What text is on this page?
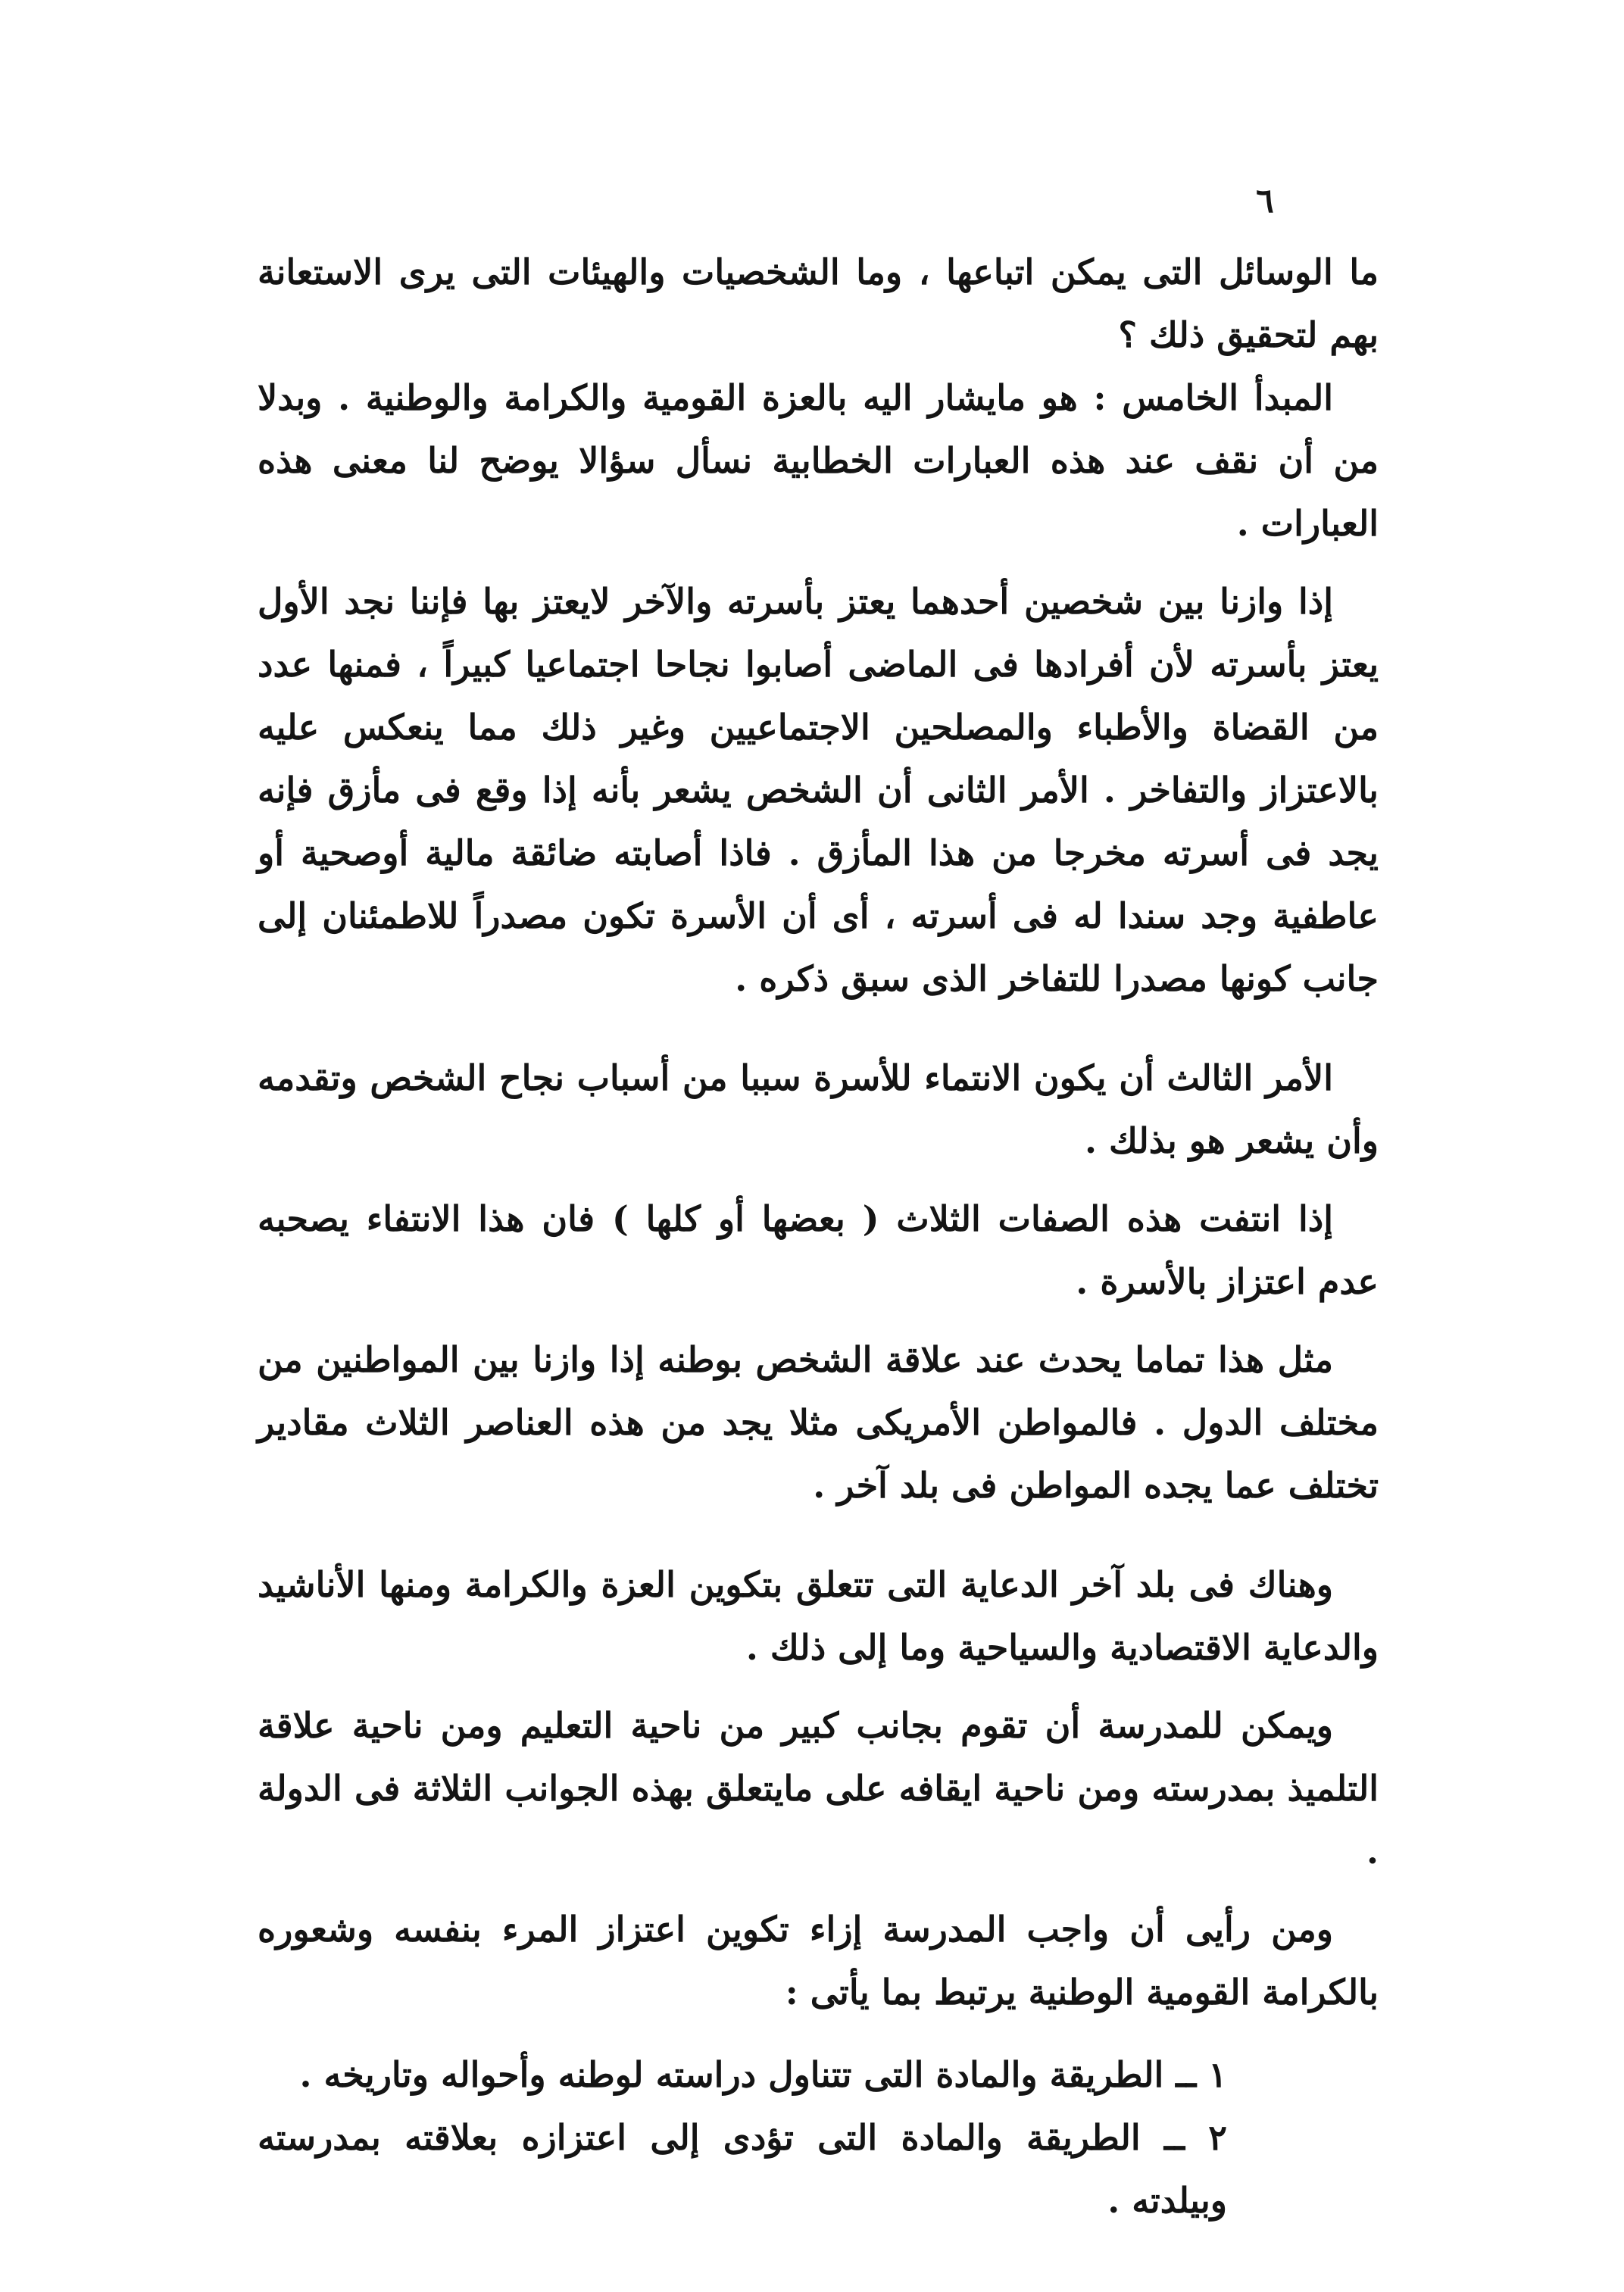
٦

ما الوسائل التى يمكن اتباعها ، وما الشخصيات والهيئات التى يرى الاستعانة بهم لتحقيق ذلك ؟

المبدأ الخامس : هو مايشار اليه بالعزة القومية والكرامة والوطنية . وبدلا من أن نقف عند هذه العبارات الخطابية نسأل سؤالا يوضح لنا معنى هذه العبارات .

إذا وازنا بين شخصين أحدهما يعتز بأسرته والآخر لايعتز بها فإننا نجد الأول يعتز بأسرته لأن أفرادها فى الماضى أصابوا نجاحا اجتماعيا كبيراً ، فمنها عدد من القضاة والأطباء والمصلحين الاجتماعيين وغير ذلك مما ينعكس عليه بالاعتزاز والتفاخر . الأمر الثانى أن الشخص يشعر بأنه إذا وقع فى مأزق فإنه يجد فى أسرته مخرجا من هذا المأزق . فاذا أصابته ضائقة مالية أوصحية أو عاطفية وجد سندا له فى أسرته ، أى أن الأسرة تكون مصدراً للاطمئنان إلى جانب كونها مصدرا للتفاخر الذى سبق ذكره .

الأمر الثالث أن يكون الانتماء للأسرة سببا من أسباب نجاح الشخص وتقدمه وأن يشعر هو بذلك .

إذا انتفت هذه الصفات الثلاث ( بعضها أو كلها ) فان هذا الانتفاء يصحبه عدم اعتزاز بالأسرة .

مثل هذا تماما يحدث عند علاقة الشخص بوطنه إذا وازنا بين المواطنين من مختلف الدول . فالمواطن الأمريكى مثلا يجد من هذه العناصر الثلاث مقادير تختلف عما يجده المواطن فى بلد آخر .

وهناك فى بلد آخر الدعاية التى تتعلق بتكوين العزة والكرامة ومنها الأناشيد والدعاية الاقتصادية والسياحية وما إلى ذلك .

ويمكن للمدرسة أن تقوم بجانب كبير من ناحية التعليم ومن ناحية علاقة التلميذ بمدرسته ومن ناحية ايقافه على مايتعلق بهذه الجوانب الثلاثة فى الدولة .

ومن رأيى أن واجب المدرسة إزاء تكوين اعتزاز المرء بنفسه وشعوره بالكرامة القومية الوطنية يرتبط بما يأتى :

١ ــ الطريقة والمادة التى تتناول دراسته لوطنه وأحواله وتاريخه .
٢ ــ الطريقة والمادة التى تؤدى إلى اعتزازه بعلاقته بمدرسته وبيلدته .
